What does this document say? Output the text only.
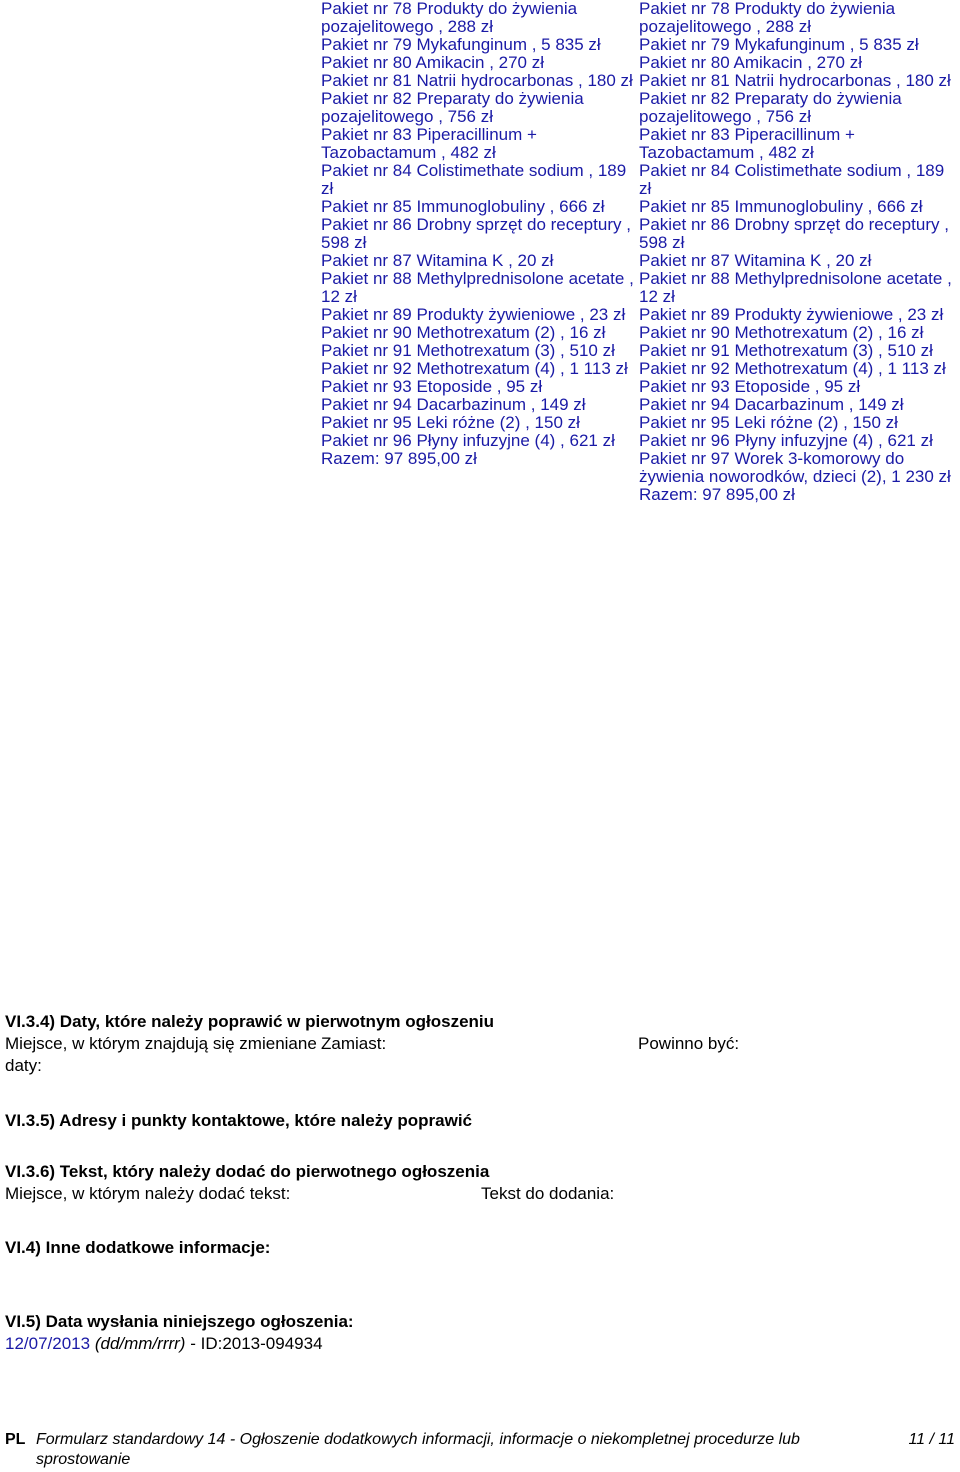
Pakiet nr 78 Produkty do żywienia pozajelitowego , 288 zł
Pakiet nr 79 Mykafunginum , 5 835 zł
Pakiet nr 80 Amikacin , 270 zł
Pakiet nr 81 Natrii hydrocarbonas , 180 zł
Pakiet nr 82 Preparaty do żywienia pozajelitowego , 756 zł
Pakiet nr 83 Piperacillinum + Tazobactamum , 482 zł
Pakiet nr 84 Colistimethate sodium , 189 zł
Pakiet nr 85 Immunoglobuliny , 666 zł
Pakiet nr 86 Drobny sprzęt do receptury , 598 zł
Pakiet nr 87 Witamina K , 20 zł
Pakiet nr 88 Methylprednisolone acetate , 12 zł
Pakiet nr 89 Produkty żywieniowe , 23 zł
Pakiet nr 90 Methotrexatum (2) , 16 zł
Pakiet nr 91 Methotrexatum (3) , 510 zł
Pakiet nr 92 Methotrexatum (4) , 1 113 zł
Pakiet nr 93 Etoposide , 95 zł
Pakiet nr 94 Dacarbazinum , 149 zł
Pakiet nr 95 Leki różne (2) , 150 zł
Pakiet nr 96 Płyny infuzyjne (4) , 621 zł
Razem: 97 895,00 zł
Pakiet nr 78 Produkty do żywienia pozajelitowego , 288 zł
Pakiet nr 79 Mykafunginum , 5 835 zł
Pakiet nr 80 Amikacin , 270 zł
Pakiet nr 81 Natrii hydrocarbonas , 180 zł
Pakiet nr 82 Preparaty do żywienia pozajelitowego , 756 zł
Pakiet nr 83 Piperacillinum + Tazobactamum , 482 zł
Pakiet nr 84 Colistimethate sodium , 189 zł
Pakiet nr 85 Immunoglobuliny , 666 zł
Pakiet nr 86 Drobny sprzęt do receptury , 598 zł
Pakiet nr 87 Witamina K , 20 zł
Pakiet nr 88 Methylprednisolone acetate , 12 zł
Pakiet nr 89 Produkty żywieniowe , 23 zł
Pakiet nr 90 Methotrexatum (2) , 16 zł
Pakiet nr 91 Methotrexatum (3) , 510 zł
Pakiet nr 92 Methotrexatum (4) , 1 113 zł
Pakiet nr 93 Etoposide , 95 zł
Pakiet nr 94 Dacarbazinum , 149 zł
Pakiet nr 95 Leki różne (2) , 150 zł
Pakiet nr 96 Płyny infuzyjne (4) , 621 zł
Pakiet nr 97 Worek 3-komorowy do żywienia noworodków, dzieci (2), 1 230 zł
Razem: 97 895,00 zł
VI.3.4) Daty, które należy poprawić w pierwotnym ogłoszeniu
Miejsce, w którym znajdują się zmieniane daty:
Zamiast:	Powinno być:
VI.3.5) Adresy i punkty kontaktowe, które należy poprawić
VI.3.6) Tekst, który należy dodać do pierwotnego ogłoszenia
Miejsce, w którym należy dodać tekst:	Tekst do dodania:
VI.4) Inne dodatkowe informacje:
VI.5) Data wysłania niniejszego ogłoszenia:
12/07/2013 (dd/mm/rrrr) - ID:2013-094934
PL Formularz standardowy 14 - Ogłoszenie dodatkowych informacji, informacje o niekompletnej procedurze lub sprostowanie
11 / 11
